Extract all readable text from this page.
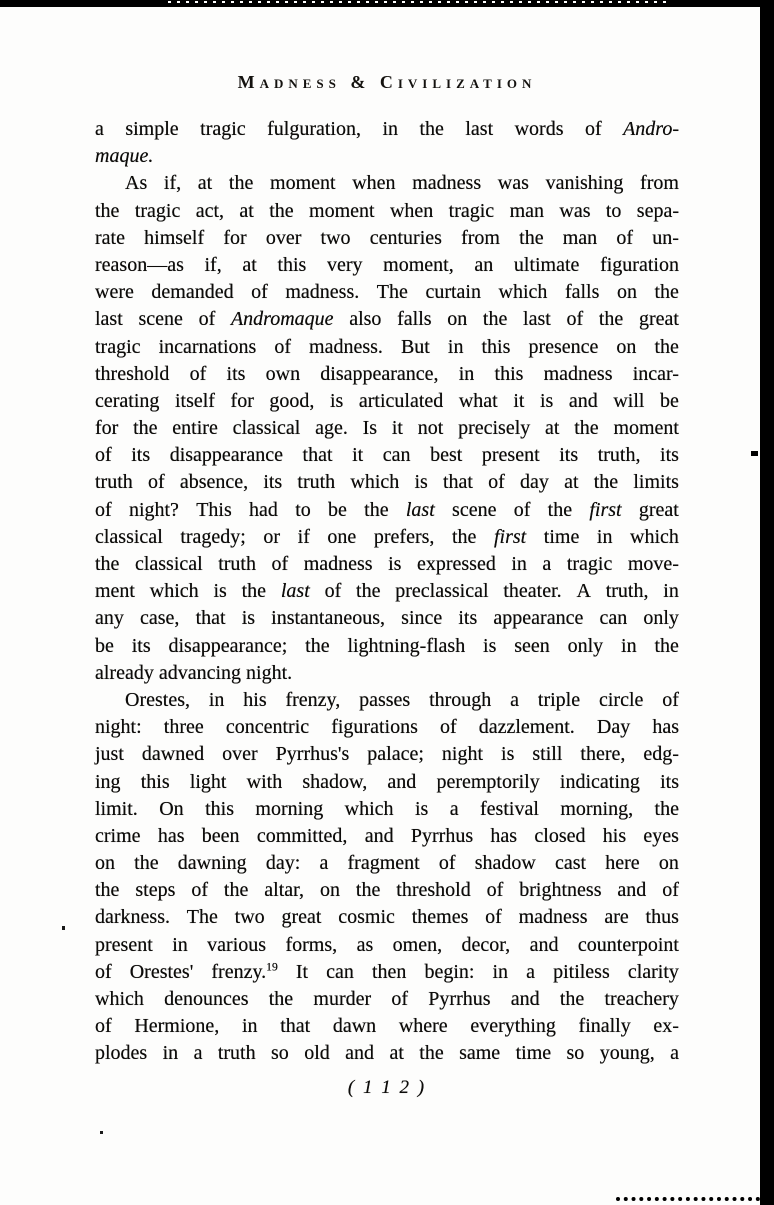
Madness & Civilization
a simple tragic fulguration, in the last words of Andro-
maque.
As if, at the moment when madness was vanishing from
the tragic act, at the moment when tragic man was to sepa-
rate himself for over two centuries from the man of un-
reason—as if, at this very moment, an ultimate figuration
were demanded of madness. The curtain which falls on the
last scene of Andromaque also falls on the last of the great
tragic incarnations of madness. But in this presence on the
threshold of its own disappearance, in this madness incar-
cerating itself for good, is articulated what it is and will be
for the entire classical age. Is it not precisely at the moment
of its disappearance that it can best present its truth, its
truth of absence, its truth which is that of day at the limits
of night? This had to be the last scene of the first great
classical tragedy; or if one prefers, the first time in which
the classical truth of madness is expressed in a tragic move-
ment which is the last of the preclassical theater. A truth, in
any case, that is instantaneous, since its appearance can only
be its disappearance; the lightning-flash is seen only in the
already advancing night.
Orestes, in his frenzy, passes through a triple circle of
night: three concentric figurations of dazzlement. Day has
just dawned over Pyrrhus's palace; night is still there, edg-
ing this light with shadow, and peremptorily indicating its
limit. On this morning which is a festival morning, the
crime has been committed, and Pyrrhus has closed his eyes
on the dawning day: a fragment of shadow cast here on
the steps of the altar, on the threshold of brightness and of
darkness. The two great cosmic themes of madness are thus
present in various forms, as omen, decor, and counterpoint
of Orestes' frenzy.$^{19}$ It can then begin: in a pitiless clarity
which denounces the murder of Pyrrhus and the treachery
of Hermione, in that dawn where everything finally ex-
plodes in a truth so old and at the same time so young, a
( 1 1 2 )
